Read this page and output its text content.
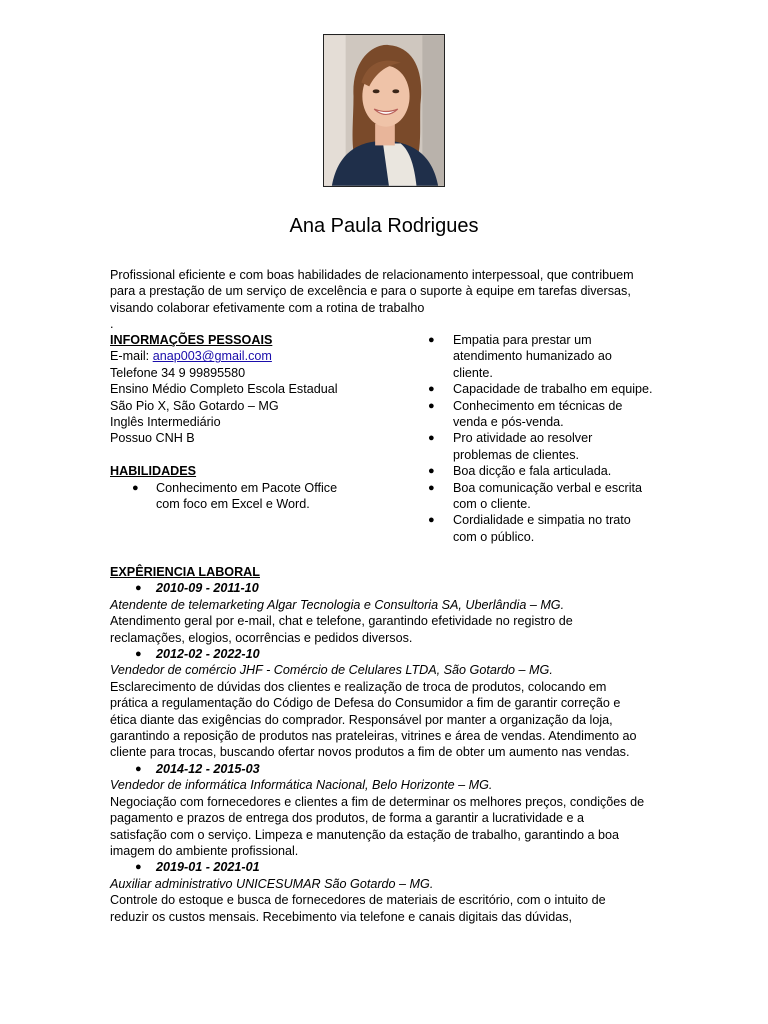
Ana Paula Rodrigues

Profissional eficiente e com boas habilidades de relacionamento interpessoal, que contribuem

para a prestação de um serviço de excelência e para o suporte à equipe em tarefas diversas,

visando colaborar efetivamente com a rotina de trabalho

.

INFORMAÇÕES PESSOAIS
E-mail: anap003@gmail.com
Telefone 34 9 99895580
Ensino Médio Completo Escola Estadual
São Pio X, São Gotardo – MG
Inglês Intermediário
Possuo CNH B
HABILIDADES
● Conhecimento em Pacote Office
com foco em Excel e Word.
● Empatia para prestar um
atendimento humanizado ao
cliente.
● Capacidade de trabalho em equipe.
● Conhecimento em técnicas de
venda e pós-venda.
● Pro atividade ao resolver
problemas de clientes.
● Boa dicção e fala articulada.
● Boa comunicação verbal e escrita
com o cliente.
● Cordialidade e simpatia no trato
com o público.
EXPÊRIENCIA LABORAL
● 2010-09 - 2011-10
Atendente de telemarketing Algar Tecnologia e Consultoria SA, Uberlândia – MG.
Atendimento geral por e-mail, chat e telefone, garantindo efetividade no registro de
reclamações, elogios, ocorrências e pedidos diversos.
● 2012-02 - 2022-10
Vendedor de comércio JHF - Comércio de Celulares LTDA, São Gotardo – MG.
Esclarecimento de dúvidas dos clientes e realização de troca de produtos, colocando em
prática a regulamentação do Código de Defesa do Consumidor a fim de garantir correção e
ética diante das exigências do comprador. Responsável por manter a organização da loja,
garantindo a reposição de produtos nas prateleiras, vitrines e área de vendas. Atendimento ao
cliente para trocas, buscando ofertar novos produtos a fim de obter um aumento nas vendas.
● 2014-12 - 2015-03
Vendedor de informática Informática Nacional, Belo Horizonte – MG.
Negociação com fornecedores e clientes a fim de determinar os melhores preços, condições de
pagamento e prazos de entrega dos produtos, de forma a garantir a lucratividade e a
satisfação com o serviço. Limpeza e manutenção da estação de trabalho, garantindo a boa
imagem do ambiente profissional.
● 2019-01 - 2021-01
Auxiliar administrativo UNICESUMAR São Gotardo – MG.
Controle do estoque e busca de fornecedores de materiais de escritório, com o intuito de
reduzir os custos mensais. Recebimento via telefone e canais digitais das dúvidas,
